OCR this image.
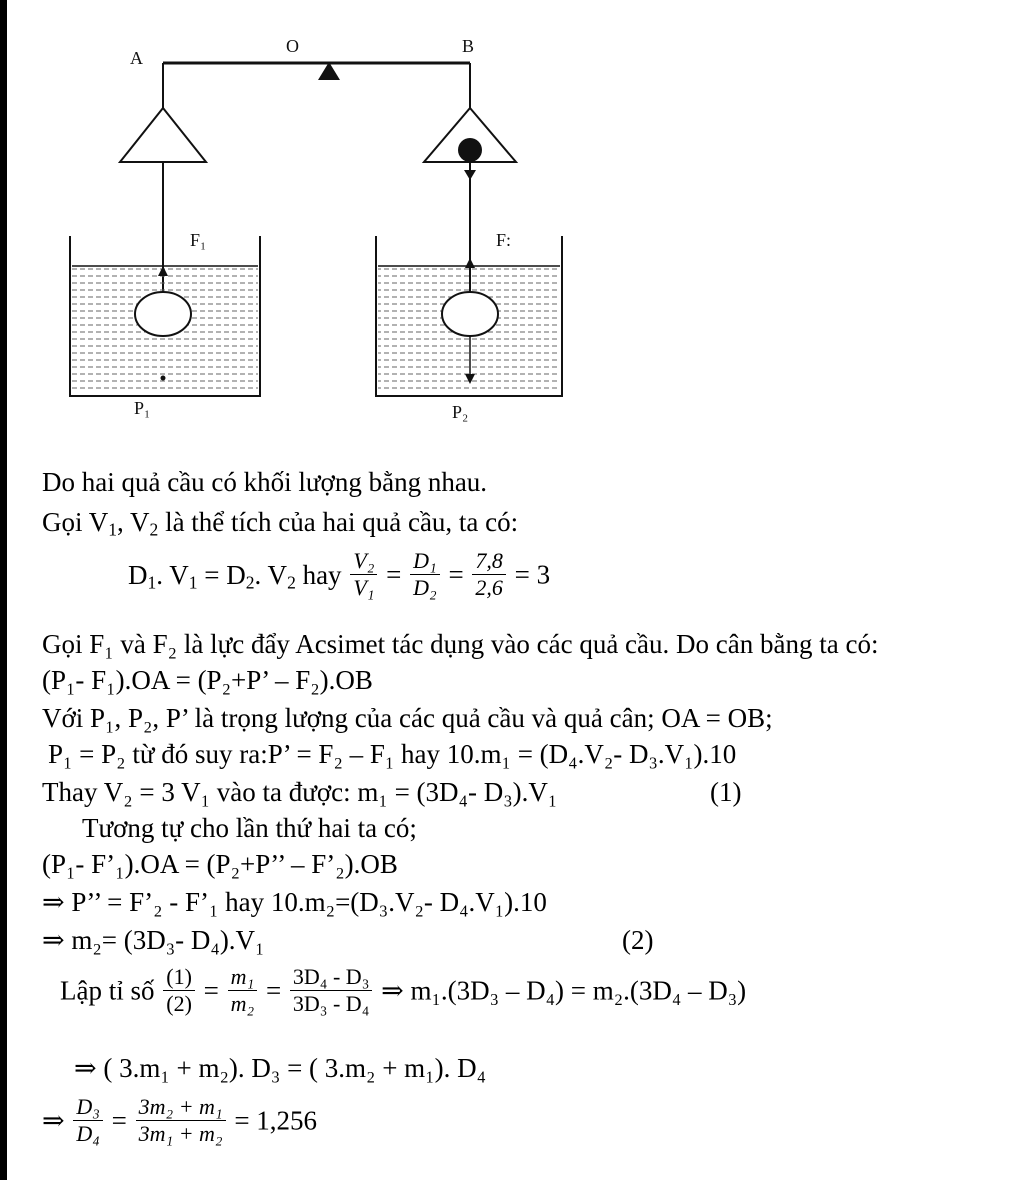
A
O	B
F₁	F:
P₁	P₂
Do hai quả cầu có khối lượng bằng nhau.
Gọi $V_1$, $V_2$ là thể tích của hai quả cầu, ta có:
$D_1$. $V_1 = D_2$. $V_2$ hay $\frac{\text{V₂}}{\text{V₁}} = \frac{\text{D₁}}{\text{D₂}} = \frac{7,8}{2,6} = 3$
Gọi F₁ và F₂ là lực đẩy Acsimet tác dụng vào các quả cầu. Do cân bằng ta có:
(P₁- F₁).OA = (P₂+P’ – F₂).OB
Với P₁, P₂, P’ là trọng lượng của các quả cầu và quả cân; OA = OB;
P₁ = P₂ từ đó suy ra:P’ = F₂ – F₁ hay 10.m₁ = (D₄.V₂- D₃.V₁).10
Thay V₂ = 3 V₁ vào ta được: m₁ = (3D₄- D₃).V₁	(1)
Tương tự cho lần thứ hai ta có;
(P₁- F’₁).OA = (P₂+P’’ – F’₂).OB
⇒ P’’ = F’₂ - F’₁ hay 10.m₂=(D₃.V₂- D₄.V₁).10
⇒ m₂= (3D₃- D₄).V₁	(2)
Lập tỉ số $\frac{(1)}{(2)} = \frac{\text{m₁}}{\text{m₂}} = \frac{\text{3D₄ - D₃}}{\text{3D₃ - D₄}}$ ⇒ m₁.(3D₃ – D₄) = m₂.(3D₄ – D₃)
⇒ ( 3.m₁ + m₂). D₃ = ( 3.m₂ + m₁). D₄
⇒ $\frac{\text{D₃}}{\text{D₄}} = \frac{\text{3m₂ + m₁}}{\text{3m₁ + m₂}} = 1,256$
